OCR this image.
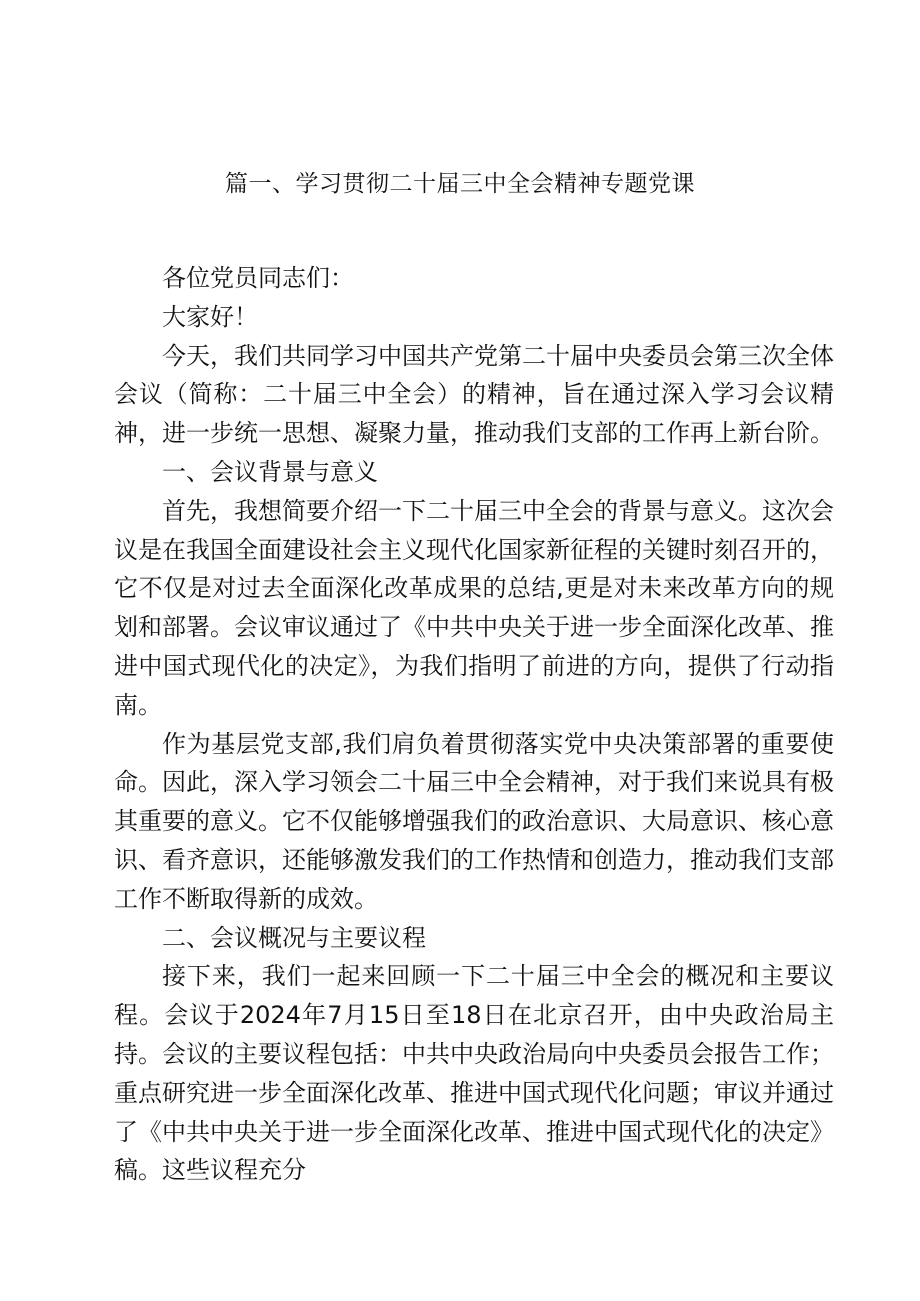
篇一、学习贯彻二十届三中全会精神专题党课

各位党员同志们：

大家好！

今天，我们共同学习中国共产党第二十届中央委员会第三次全体会议（简称：二十届三中全会）的精神，旨在通过深入学习会议精神，进一步统一思想、凝聚力量，推动我们支部的工作再上新台阶。

一、会议背景与意义

首先，我想简要介绍一下二十届三中全会的背景与意义。这次会议是在我国全面建设社会主义现代化国家新征程的关键时刻召开的，它不仅是对过去全面深化改革成果的总结,更是对未来改革方向的规划和部署。会议审议通过了《中共中央关于进一步全面深化改革、推进中国式现代化的决定》，为我们指明了前进的方向，提供了行动指南。

作为基层党支部,我们肩负着贯彻落实党中央决策部署的重要使命。因此，深入学习领会二十届三中全会精神，对于我们来说具有极其重要的意义。它不仅能够增强我们的政治意识、大局意识、核心意识、看齐意识，还能够激发我们的工作热情和创造力，推动我们支部工作不断取得新的成效。

二、会议概况与主要议程

接下来，我们一起来回顾一下二十届三中全会的概况和主要议程。会议于2024年7月15日至18日在北京召开，由中央政治局主持。会议的主要议程包括：中共中央政治局向中央委员会报告工作；重点研究进一步全面深化改革、推进中国式现代化问题；审议并通过了《中共中央关于进一步全面深化改革、推进中国式现代化的决定》稿。这些议程充分
